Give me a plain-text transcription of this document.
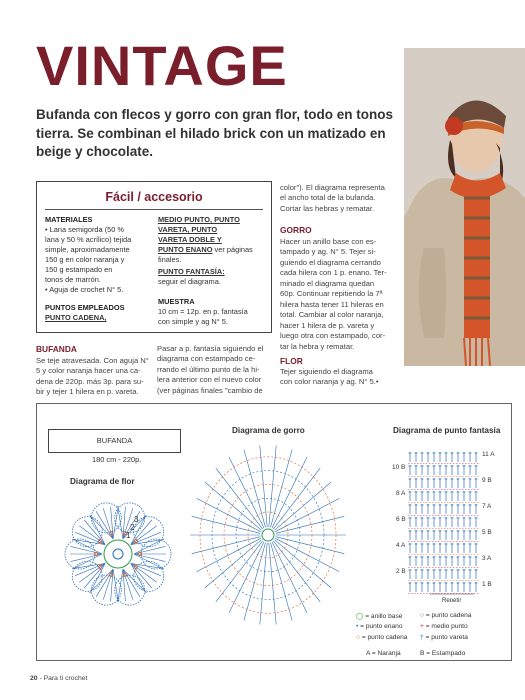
VINTAGE
Bufanda con flecos y gorro con gran flor, todo en tonos tierra. Se combinan el hilado brick con un matizado en beige y chocolate.
Fácil / accesorio
MATERIALES
• Lana semigorda (50 %
lana y 50 % acrílico) tejida
simple, aproximadamente
150 g en color naranja y
150 g estampado en
tonos de marrón.
• Aguja de crochet N° 5.
PUNTOS EMPLEADOS
PUNTO CADENA,
MEDIO PUNTO, PUNTO
VARETA, PUNTO
VARETA DOBLE Y
PUNTO ENANO ver páginas finales.
PUNTO FANTASÍA:
seguir el diagrama.
MUESTRA
10 cm = 12p. en p. fantasía
con simple y ag N° 5.
color"). El diagrama representa
el ancho total de la bufanda.
Cortar las hebras y rematar.
GORRO
Hacer un anillo base con es-
tampado y ag. N° 5. Tejer si-
guiendo el diagrama cerrando
cada hilera con 1 p. enano. Ter-
minado el diagrama quedan
60p. Continuar repitiendo la 7ª
hilera hasta tener 11 hileras en
total. Cambiar al color naranja,
hacer 1 hilera de p. vareta y
luego otra con estampado, cor-
tar la hebra y rematar.
FLOR
Tejer siguiendo el diagrama
con color naranja y ag. N° 5.•
BUFANDA
Se teje atravesada. Con aguja N°
5 y color naranja hacer una ca-
dena de 220p. más 3p. para su-
bir y tejer 1 hilera en p. vareta.
Pasar a p. fantasía siguiendo el
diagrama con estampado ce-
rrando el último punto de la hi-
lera anterior con el nuevo color
(ver páginas finales "cambio de
BUFANDA
180 cm - 220p.
Diagrama de flor
Diagrama de gorro	Diagrama de punto fantasía
1
2
3
10 B
8 A
6 B
4 A
2 B
11 A
9 B
7 A
5 B
3 A
1 B
Repetir
◯ = anillo base
• = punto enano
○ = punto cadena
○ = punto cadena
+ = medio punto
† = punto vareta
A = Naranja	B = Estampado
20 - Para ti crochet
